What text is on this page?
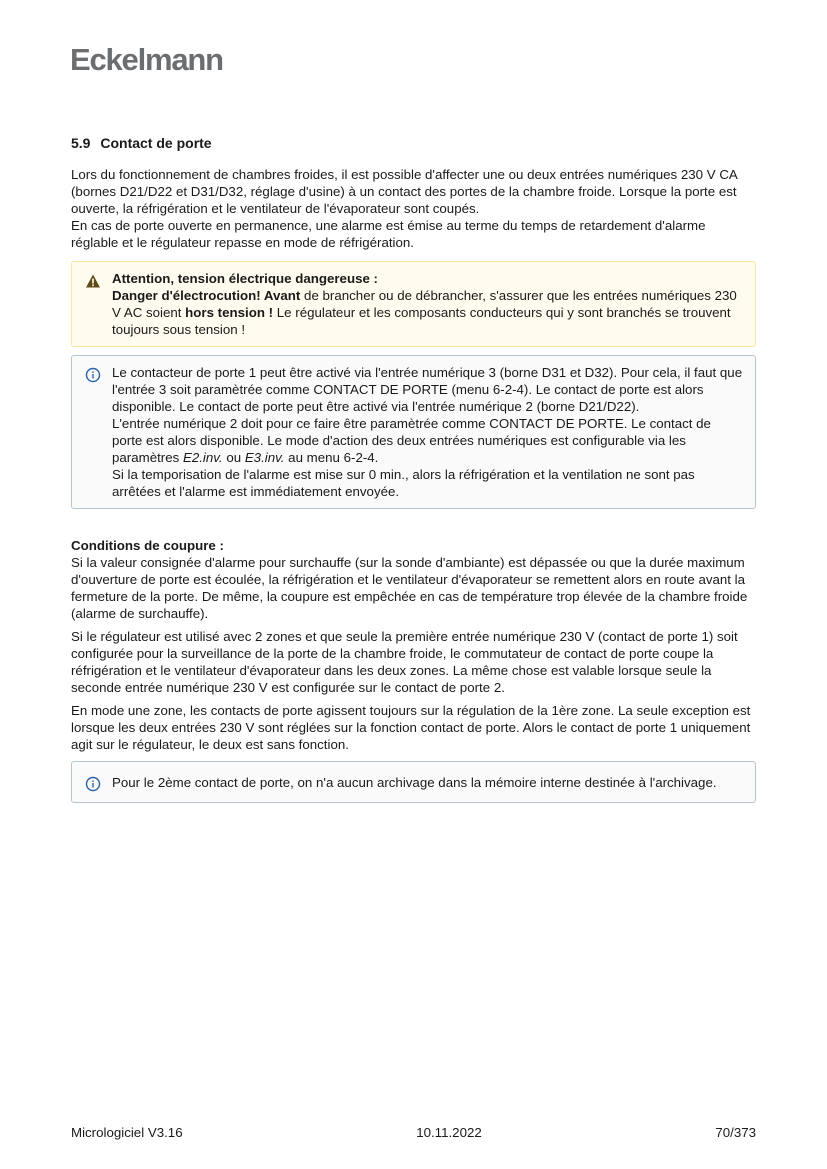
Eckelmann
5.9 Contact de porte

Lors du fonctionnement de chambres froides, il est possible d'affecter une ou deux entrées numériques 230 V CA (bornes D21/D22 et D31/D32, réglage d'usine) à un contact des portes de la chambre froide. Lorsque la porte est ouverte, la réfrigération et le ventilateur de l'évaporateur sont coupés.
En cas de porte ouverte en permanence, une alarme est émise au terme du temps de retardement d'alarme réglable et le régulateur repasse en mode de réfrigération.

Attention, tension électrique dangereuse :
Danger d'électrocution! Avant de brancher ou de débrancher, s'assurer que les entrées numériques 230 V AC soient hors tension ! Le régulateur et les composants conducteurs qui y sont branchés se trouvent toujours sous tension !
Le contacteur de porte 1 peut être activé via l'entrée numérique 3 (borne D31 et D32). Pour cela, il faut que l'entrée 3 soit paramètrée comme CONTACT DE PORTE (menu 6-2-4). Le contact de porte est alors disponible. Le contact de porte peut être activé via l'entrée numérique 2 (borne D21/D22).
L'entrée numérique 2 doit pour ce faire être paramètrée comme CONTACT DE PORTE. Le contact de porte est alors disponible. Le mode d'action des deux entrées numériques est configurable via les paramètres E2.inv. ou E3.inv. au menu 6-2-4.
Si la temporisation de l'alarme est mise sur 0 min., alors la réfrigération et la ventilation ne sont pas arrêtées et l'alarme est immédiatement envoyée.
Conditions de coupure :

Si la valeur consignée d'alarme pour surchauffe (sur la sonde d'ambiante) est dépassée ou que la durée maximum d'ouverture de porte est écoulée, la réfrigération et le ventilateur d'évaporateur se remettent alors en route avant la fermeture de la porte. De même, la coupure est empêchée en cas de température trop élevée de la chambre froide (alarme de surchauffe).

Si le régulateur est utilisé avec 2 zones et que seule la première entrée numérique 230 V (contact de porte 1) soit configurée pour la surveillance de la porte de la chambre froide, le commutateur de contact de porte coupe la réfrigération et le ventilateur d'évaporateur dans les deux zones. La même chose est valable lorsque seule la seconde entrée numérique 230 V est configurée sur le contact de porte 2.

En mode une zone, les contacts de porte agissent toujours sur la régulation de la 1ère zone. La seule exception est lorsque les deux entrées 230 V sont réglées sur la fonction contact de porte. Alors le contact de porte 1 uniquement agit sur le régulateur, le deux est sans fonction.

Pour le 2ème contact de porte, on n'a aucun archivage dans la mémoire interne destinée à l'archivage.
Micrologiciel V3.16	10.11.2022	70/373
